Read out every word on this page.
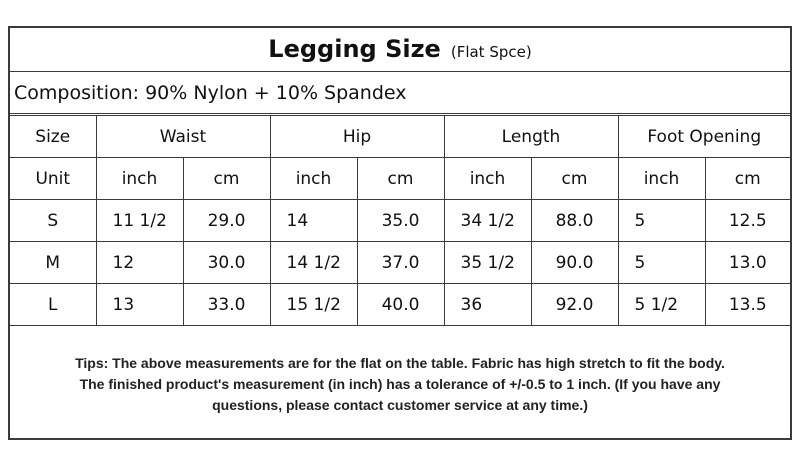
Legging Size (Flat Spce)
Composition: 90% Nylon + 10% Spandex
Size	Waist		Hip		Length		Foot Opening	
Unit	inch	cm	inch	cm	inch	cm	inch	cm
S	11 1/2	29.0	14	35.0	34 1/2	88.0	5	12.5
M	12	30.0	14 1/2	37.0	35 1/2	90.0	5	13.0
L	13	33.0	15 1/2	40.0	36	92.0	5 1/2	13.5
Tips: The above measurements are for the flat on the table. Fabric has high stretch to fit the body.
The finished product's measurement (in inch) has a tolerance of +/-0.5 to 1 inch. (If you have any
questions, please contact customer service at any time.)
